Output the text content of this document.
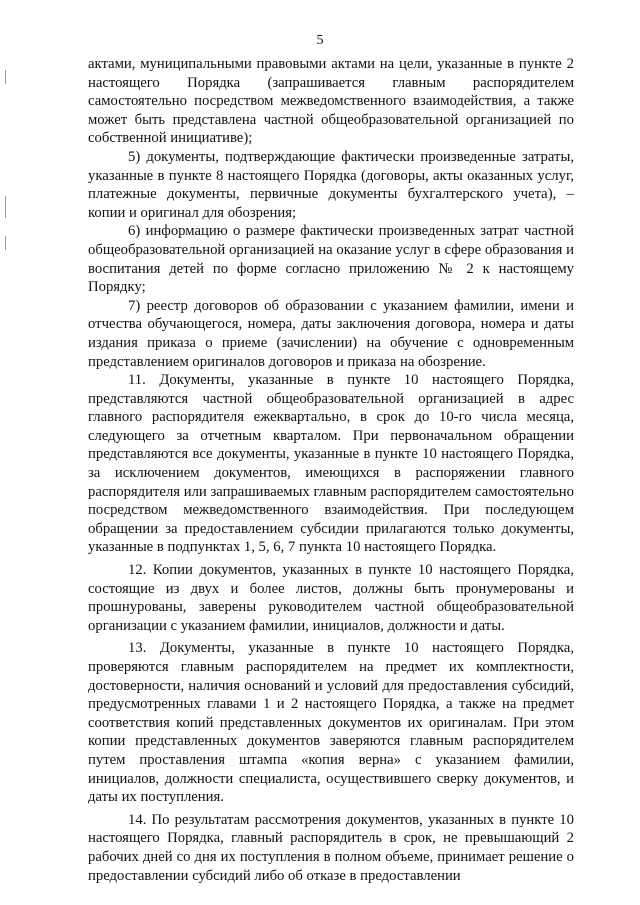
5

актами, муниципальными правовыми актами на цели, указанные в пункте 2 настоящего Порядка (запрашивается главным распорядителем самостоятельно посредством межведомственного взаимодействия, а также может быть представлена частной общеобразовательной организацией по собственной инициативе);

5) документы, подтверждающие фактически произведенные затраты, указанные в пункте 8 настоящего Порядка (договоры, акты оказанных услуг, платежные документы, первичные документы бухгалтерского учета), – копии и оригинал для обозрения;

6) информацию о размере фактически произведенных затрат частной общеобразовательной организацией на оказание услуг в сфере образования и воспитания детей по форме согласно приложению № 2 к настоящему Порядку;

7) реестр договоров об образовании с указанием фамилии, имени и отчества обучающегося, номера, даты заключения договора, номера и даты издания приказа о приеме (зачислении) на обучение с одновременным представлением оригиналов договоров и приказа на обозрение.

11. Документы, указанные в пункте 10 настоящего Порядка, представляются частной общеобразовательной организацией в адрес главного распорядителя ежеквартально, в срок до 10-го числа месяца, следующего за отчетным кварталом. При первоначальном обращении представляются все документы, указанные в пункте 10 настоящего Порядка, за исключением документов, имеющихся в распоряжении главного распорядителя или запрашиваемых главным распорядителем самостоятельно посредством межведомственного взаимодействия. При последующем обращении за предоставлением субсидии прилагаются только документы, указанные в подпунктах 1, 5, 6, 7 пункта 10 настоящего Порядка.

12. Копии документов, указанных в пункте 10 настоящего Порядка, состоящие из двух и более листов, должны быть пронумерованы и прошнурованы, заверены руководителем частной общеобразовательной организации с указанием фамилии, инициалов, должности и даты.

13. Документы, указанные в пункте 10 настоящего Порядка, проверяются главным распорядителем на предмет их комплектности, достоверности, наличия оснований и условий для предоставления субсидий, предусмотренных главами 1 и 2 настоящего Порядка, а также на предмет соответствия копий представленных документов их оригиналам. При этом копии представленных документов заверяются главным распорядителем путем проставления штампа «копия верна» с указанием фамилии, инициалов, должности специалиста, осуществившего сверку документов, и даты их поступления.

14. По результатам рассмотрения документов, указанных в пункте 10 настоящего Порядка, главный распорядитель в срок, не превышающий 2 рабочих дней со дня их поступления в полном объеме, принимает решение о предоставлении субсидий либо об отказе в предоставлении
